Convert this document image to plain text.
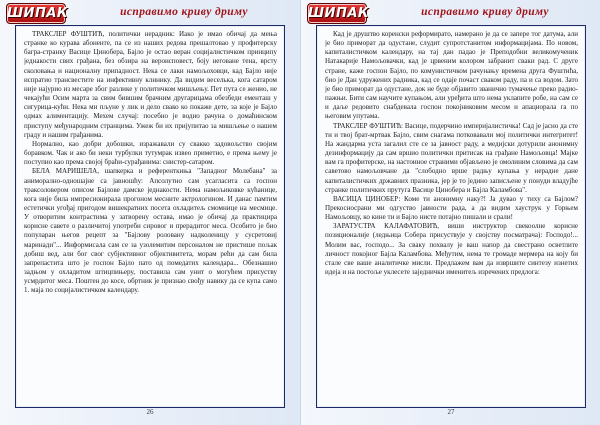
ШИПАК	исправимо криву дриму

ТРАКСЛЕР ФУШТИЋ, политички нерадник: Иако је имао обичај да мења странке ко курава абоненте, па се из наших редова прешалтовао у профитерску багра-странку Васице Циноберa, Бајло је остао веран социјалистичком принципу једнакости свих грађана, без обзира на вероисповест, боју неговане тена, врсту сколовања и националну припадност. Нека се лаки намољоховци, кад Бајло није испратио трансвестите на инфективну клинику. Да видим веселька, кога сатаром није најурио из месаре због разлике у политичком мишљењу. Пет пута се женио, не чекајући Осим марта за свим бившим брачним другарицама обезбеди ементаш у сигурица-кући. Нека ми пљуне у лик и дело свако ко покаже дете, за које је Бајло одмах алиментацију. Мехем случај: посебно је водио рачуна о домаћинском приступу међународним странцима. Ужеж би их пријупитао за мишљење о нашем граду и нашим грађанима.

Нормално, као добри добошки, изражавали су свакко задовољство својим боравком. Чак и ако би неки турбулки тутумрак извео приметио, е према њему је поступио као према својој браћи-сурађанима: снистер-сатаром.

БЕЛА МАРИШЕЛА, шапкерка и референткиња "Западног Молебана" за аниморално-одношајне са јавношћу: Апсолутно сам усагласита са госпон траксоловером описом Бајлове дамске једнакости. Нема намољиковке кућанице, кога није била импресионирала прогоном месните актрологином. И данас памтим естетички угођај пригодом вишекратних посета охладитељ смомнице на месмице. У отворитим контрастима у затворену остава, имао је обичај да практицира корисне савете о различитој употреби сировог и прерадитог меса. Особито је био популаран његов рецепт за "Бајлову роловану надколеницу у сусретовиј маринади"... Информисала сам се за узолемитим персоналом не пристише пољак добиш вед, али бог свог субјективног објективитета, морам рећи да сам била запрепастита што је госпон Бајло пато од помедатих календара... Обезнашио задњом у охладитом штицпињеру, поставила сам унит о могућем присуству усмрдитог меса. Поштен до косе, обртник је признао свођу навику да се купа само 1. маја по социјалистичком календару.

26
ШИПАК	исправимо криву дриму

Кад је друштво коренски реформирато, намерано је да се запере тог датума, али је био приморат да одустане, слудит супротстанитом информацијама. По новом, капиталистичком календару, на тај дан падао је Преподобни великомученик Натакарије Намољовачки, кад је црвеним колором забранит сваки рад. С друге стране, каже госпон Бајло, по комунистичком рачунању времена друга Фуштића, био је Дан удружених радника, кад се одаје почаст сваком раду, па и са водом. Зато је био приморат да одустане, док не буде објавито званично тумачење преко радио-пажњи. Бити сам научите купањом, али уређита што нема уклапите робе, на сам ce и даље редовито снабдевала госпон покојниковим месом и апациорала га по његовим упутама.

ТРАКСЛЕР ФУШТИЋ: Васице, подерчино империјалистичка! Сад је јасно да сте ти и твој брат-мртвак Бајло, свим снагама потковавали мој политички интегритет! На жандарма уста загалил сте се за јавност раду, а медијски дотурили анонимну дезинформацију да сам вршио политички притисак на грађане Намољовца! Мајке вам га профитерске, на настоиное страними објављено је омолиним словима да сам саветово намољовчане да "слободно врше радњу купања у нерадне дане капиталистичких државних празника, јер је то једино записљене у понуди владујће странке политичких прутуга Васице Циноберa и Бајла Каламбова".

ВАСИЦА ЦИНОБЕР: Коме ти анонимну наку?! Ја дувао у тиxy са Бајлом? Прекосносрани ми одгуство јавности рада, а да видим хауструк у Горњем Намољовцу, ко кине ти и Бајло нисте потајно пишали и срали!

ЗАРАТУСТРА КАЛАФАТОВИЋ, виши инструктор свекоолне корисне позиционалије (ледњица Соберa присуствује у својству посматрача): Господо!... Молим вас, господо... За сваку похвалу је ваш напор да свестрано осветлите личност покојног Бајла Каламбова. Међутим, нема те громаде мермера на коју би стале све ваше аналитичке мисли. Предлажем вам да извршите синтезу изнетих идеја и на постоље уклесете заједнички именитељ изречених предлога:

27
